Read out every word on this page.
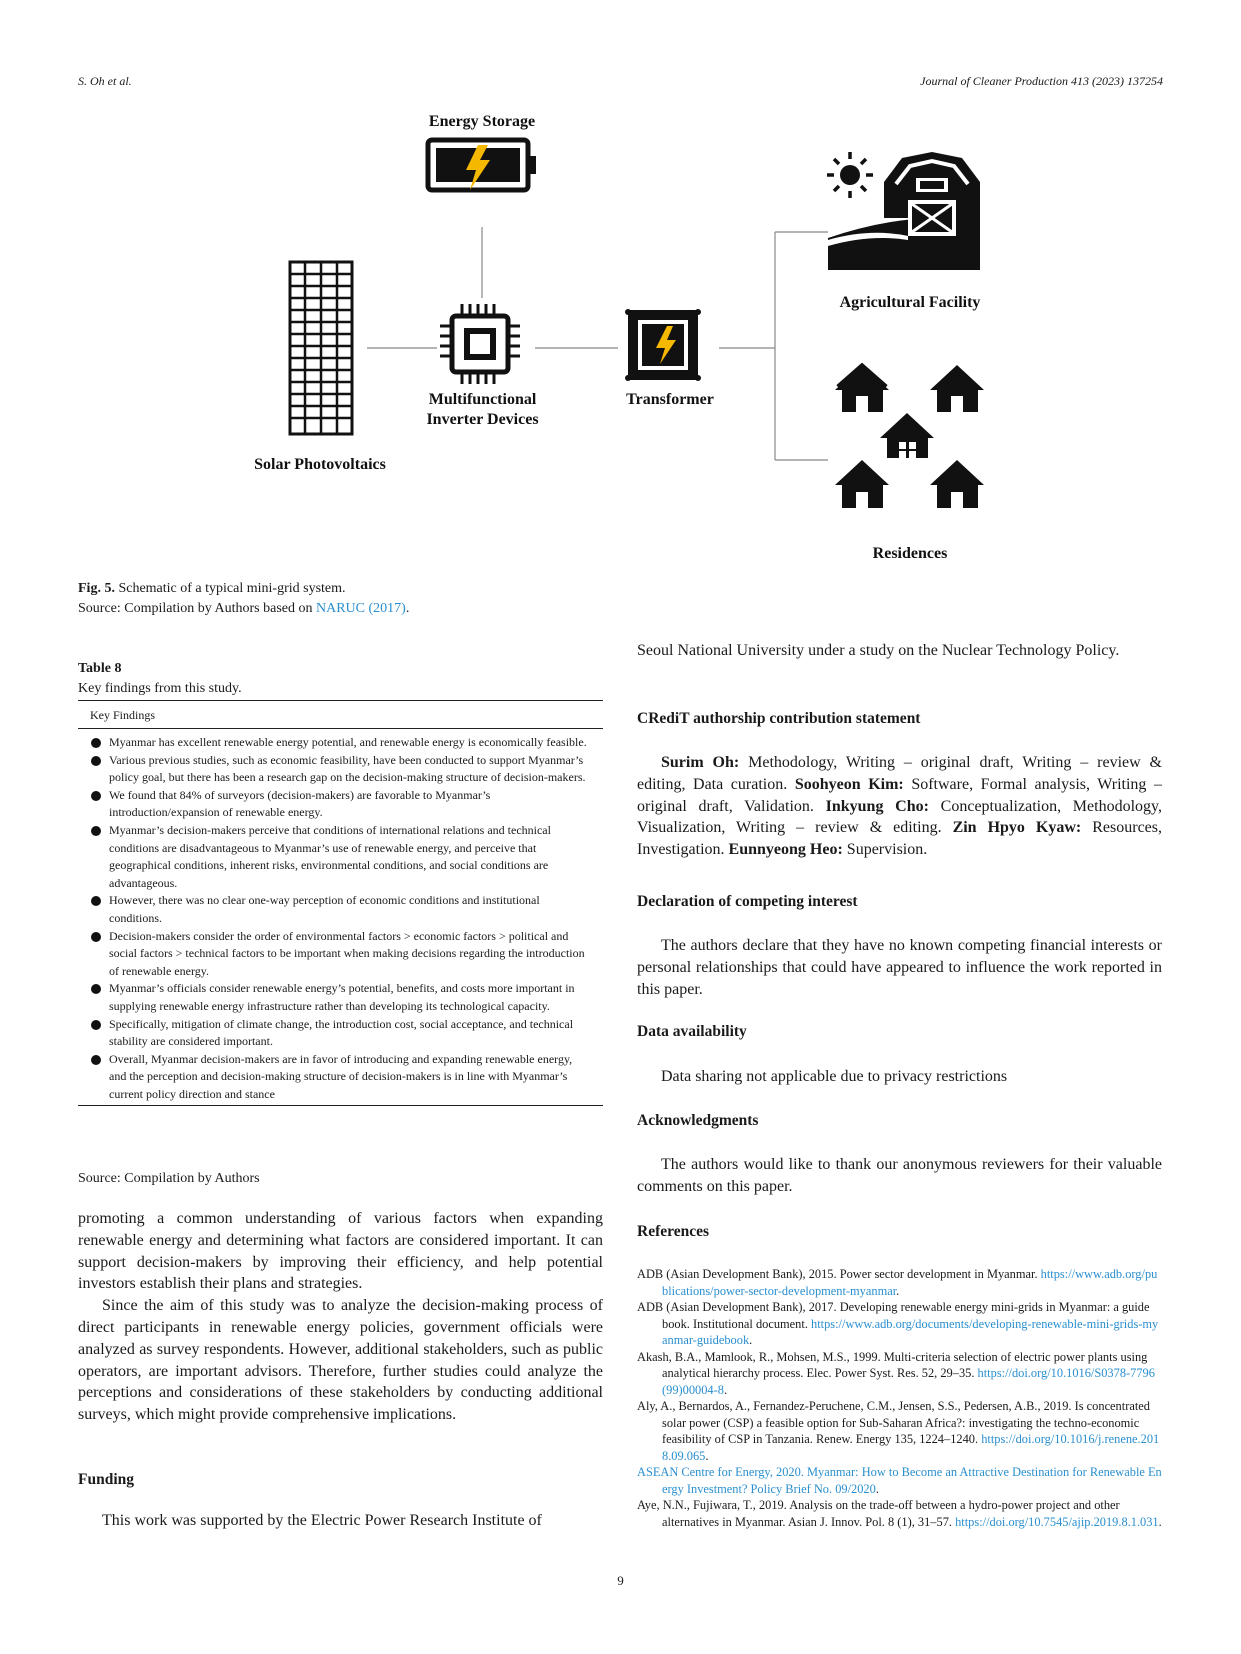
S. Oh et al.	Journal of Cleaner Production 413 (2023) 137254
Energy Storage
Multifunctional
Inverter Devices
Transformer
Solar Photovoltaics
Agricultural Facility
Residences
Fig. 5. Schematic of a typical mini-grid system.
Source: Compilation by Authors based on NARUC (2017).
Table 8
Key findings from this study.
Key Findings
Myanmar has excellent renewable energy potential, and renewable energy is economically feasible.
Various previous studies, such as economic feasibility, have been conducted to support Myanmar’s policy goal, but there has been a research gap on the decision-making structure of decision-makers.
We found that 84% of surveyors (decision-makers) are favorable to Myanmar’s introduction/expansion of renewable energy.
Myanmar’s decision-makers perceive that conditions of international relations and technical conditions are disadvantageous to Myanmar’s use of renewable energy, and perceive that geographical conditions, inherent risks, environmental conditions, and social conditions are advantageous.
However, there was no clear one-way perception of economic conditions and institutional conditions.
Decision-makers consider the order of environmental factors > economic factors > political and social factors > technical factors to be important when making decisions regarding the introduction of renewable energy.
Myanmar’s officials consider renewable energy’s potential, benefits, and costs more important in supplying renewable energy infrastructure rather than developing its technological capacity.
Specifically, mitigation of climate change, the introduction cost, social acceptance, and technical stability are considered important.
Overall, Myanmar decision-makers are in favor of introducing and expanding renewable energy, and the perception and decision-making structure of decision-makers is in line with Myanmar’s current policy direction and stance
Source: Compilation by Authors

promoting a common understanding of various factors when expanding renewable energy and determining what factors are considered important. It can support decision-makers by improving their efficiency, and help potential investors establish their plans and strategies.

Since the aim of this study was to analyze the decision-making process of direct participants in renewable energy policies, government officials were analyzed as survey respondents. However, additional stakeholders, such as public operators, are important advisors. Therefore, further studies could analyze the perceptions and considerations of these stakeholders by conducting additional surveys, which might provide comprehensive implications.

Funding
This work was supported by the Electric Power Research Institute of
Seoul National University under a study on the Nuclear Technology Policy.
CRediT authorship contribution statement
Surim Oh: Methodology, Writing – original draft, Writing – review & editing, Data curation. Soohyeon Kim: Software, Formal analysis, Writing – original draft, Validation. Inkyung Cho: Conceptualization, Methodology, Visualization, Writing – review & editing. Zin Hpyo Kyaw: Resources, Investigation. Eunnyeong Heo: Supervision.
Declaration of competing interest
The authors declare that they have no known competing financial interests or personal relationships that could have appeared to influence the work reported in this paper.
Data availability
Data sharing not applicable due to privacy restrictions
Acknowledgments
The authors would like to thank our anonymous reviewers for their valuable comments on this paper.
References

ADB (Asian Development Bank), 2015. Power sector development in Myanmar. https://www.adb.org/publications/power-sector-development-myanmar.

ADB (Asian Development Bank), 2017. Developing renewable energy mini-grids in Myanmar: a guide book. Institutional document. https://www.adb.org/documents/developing-renewable-mini-grids-myanmar-guidebook.

Akash, B.A., Mamlook, R., Mohsen, M.S., 1999. Multi-criteria selection of electric power plants using analytical hierarchy process. Elec. Power Syst. Res. 52, 29–35. https://doi.org/10.1016/S0378-7796(99)00004-8.

Aly, A., Bernardos, A., Fernandez-Peruchene, C.M., Jensen, S.S., Pedersen, A.B., 2019. Is concentrated solar power (CSP) a feasible option for Sub-Saharan Africa?: investigating the techno-economic feasibility of CSP in Tanzania. Renew. Energy 135, 1224–1240. https://doi.org/10.1016/j.renene.2018.09.065.

ASEAN Centre for Energy, 2020. Myanmar: How to Become an Attractive Destination for Renewable Energy Investment? Policy Brief No. 09/2020.

Aye, N.N., Fujiwara, T., 2019. Analysis on the trade-off between a hydro-power project and other alternatives in Myanmar. Asian J. Innov. Pol. 8 (1), 31–57. https://doi.org/10.7545/ajip.2019.8.1.031.

9
